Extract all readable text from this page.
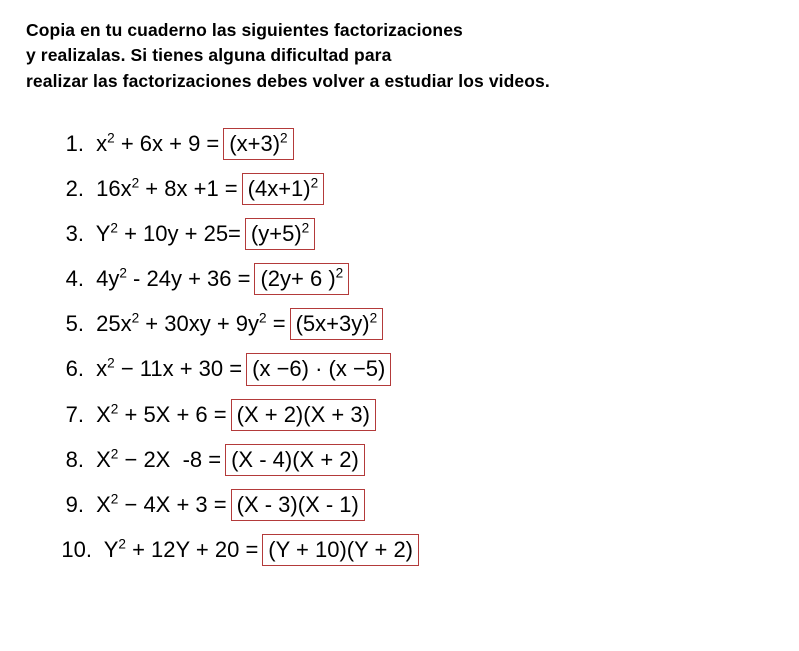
Copia en tu cuaderno las siguientes factorizaciones
y realizalas. Si tienes alguna dificultad para
realizar las factorizaciones debes volver a estudiar los videos.
1. $x^2 + 6x + 9 = (x+3)^2$
2. $16x^2 + 8x +1 = (4x+1)^2$
3. $Y^2 + 10y + 25= (y+5)^2$
4. $4y^2 - 24y + 36 = (2y+ 6$ )$^2$
5. $25x^2 + 30xy + 9y^2 = (5x+3y)^2$
6. $x^2 - 11x + 30 = (x -6) \cdot (x -5)$
7. $X^2 + 5X + 6 = (X + 2)(X + 3)$
8. $X^2 - 2X$  -8 = (X - 4)(X + 2)
9. $X^2 - 4X + 3 = (X - 3)(X - 1)$
10. $Y^2 + 12Y + 20 = (Y + 10)(Y + 2)$
